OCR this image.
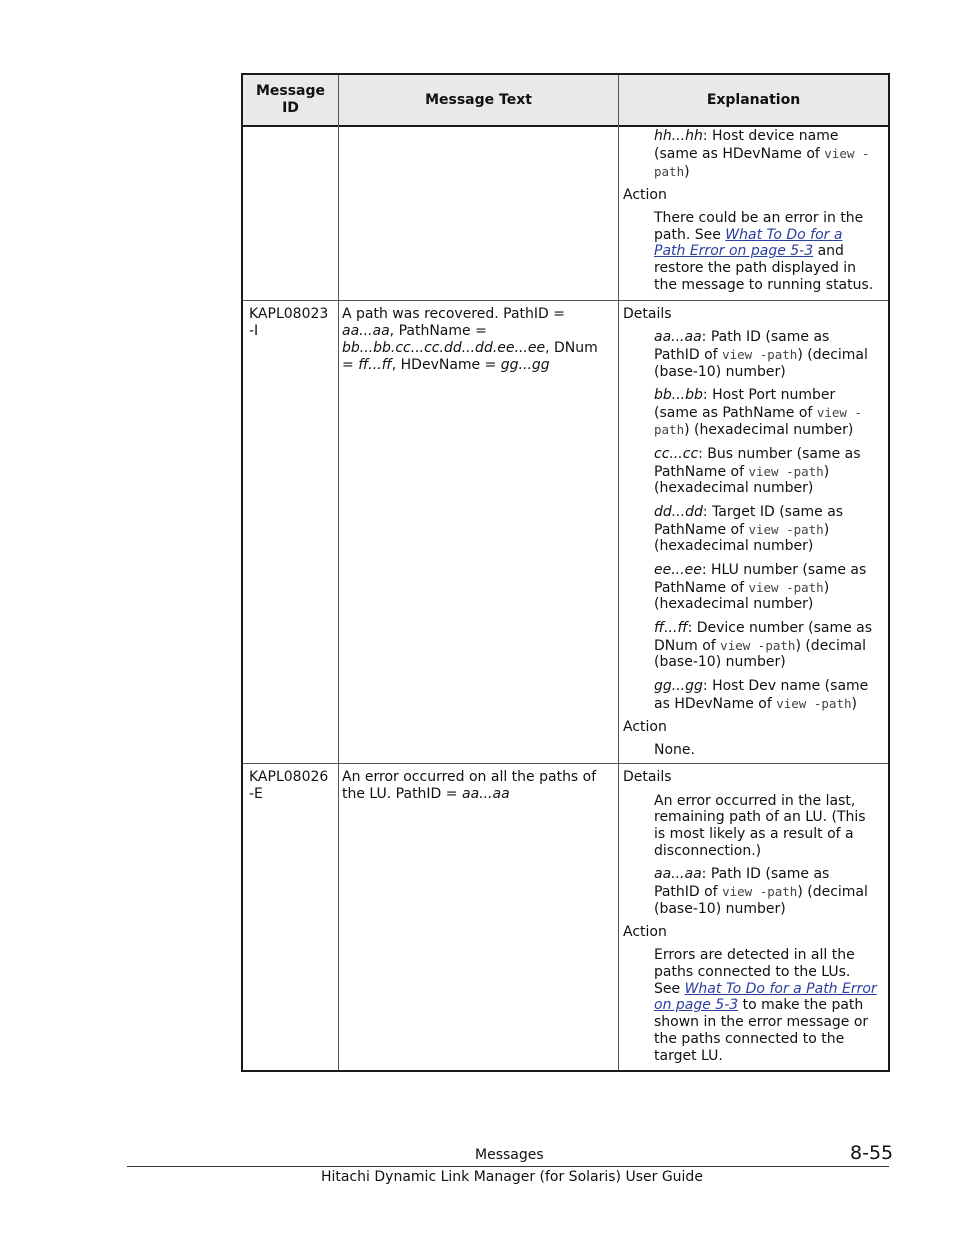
Message ID
Message Text	Explanation
hh...hh: Host device name
(same as HDevName of view -
path)
Action
There could be an error in the
path. See What To Do for a
Path Error on page 5-3 and
restore the path displayed in
the message to running status.
KAPL08023
-I
A path was recovered. PathID =
aa...aa, PathName =
bb...bb.cc...cc.dd...dd.ee...ee, DNum
= ff...ff, HDevName = gg...gg
Details
aa...aa: Path ID (same as
PathID of view -path) (decimal
(base-10) number)
bb...bb: Host Port number
(same as PathName of view -
path) (hexadecimal number)
cc...cc: Bus number (same as
PathName of view -path)
(hexadecimal number)
dd...dd: Target ID (same as
PathName of view -path)
(hexadecimal number)
ee...ee: HLU number (same as
PathName of view -path)
(hexadecimal number)
ff...ff: Device number (same as
DNum of view -path) (decimal
(base-10) number)
gg...gg: Host Dev name (same
as HDevName of view -path)
Action
None.
KAPL08026
-E
An error occurred on all the paths of
the LU. PathID = aa...aa
Details
An error occurred in the last,
remaining path of an LU. (This
is most likely as a result of a
disconnection.)
aa...aa: Path ID (same as
PathID of view -path) (decimal
(base-10) number)
Action
Errors are detected in all the
paths connected to the LUs.
See What To Do for a Path Error
on page 5-3 to make the path
shown in the error message or
the paths connected to the
target LU.
Messages	8-55
Hitachi Dynamic Link Manager (for Solaris) User Guide
